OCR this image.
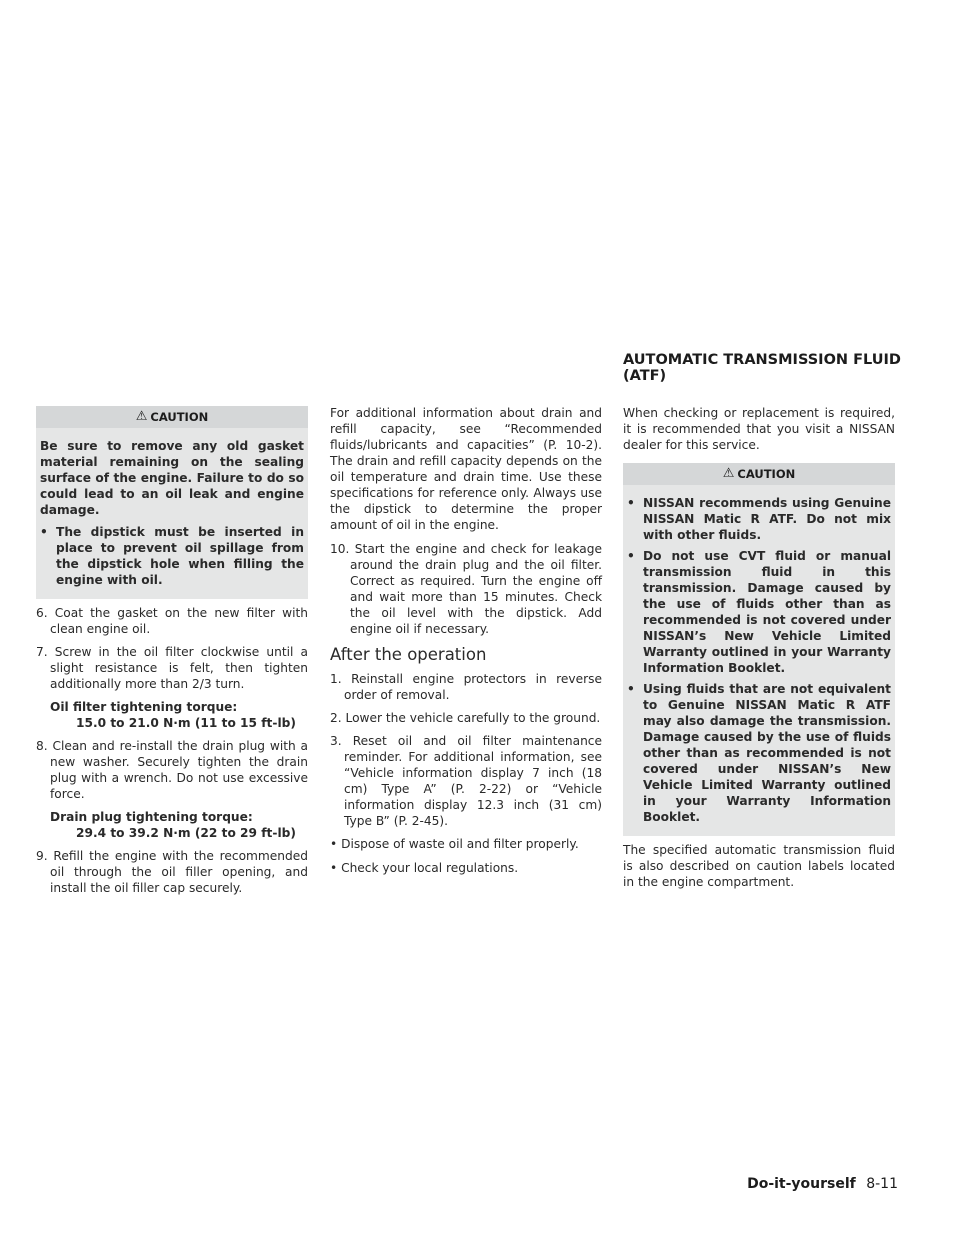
AUTOMATIC TRANSMISSION FLUID (ATF)
⚠ CAUTION

Be sure to remove any old gasket material remaining on the sealing surface of the engine. Failure to do so could lead to an oil leak and engine damage.

• The dipstick must be inserted in place to prevent oil spillage from the dipstick hole when filling the engine with oil.
6. Coat the gasket on the new filter with clean engine oil.
7. Screw in the oil filter clockwise until a slight resistance is felt, then tighten additionally more than 2/3 turn.
Oil filter tightening torque:
15.0 to 21.0 N·m (11 to 15 ft-lb)
8. Clean and re-install the drain plug with a new washer. Securely tighten the drain plug with a wrench. Do not use excessive force.
Drain plug tightening torque:
29.4 to 39.2 N·m (22 to 29 ft-lb)
9. Refill the engine with the recommended oil through the oil filler opening, and install the oil filler cap securely.
For additional information about drain and refill capacity, see “Recommended fluids/lubricants and capacities” (P. 10-2). The drain and refill capacity depends on the oil temperature and drain time. Use these specifications for reference only. Always use the dipstick to determine the proper amount of oil in the engine.
10. Start the engine and check for leakage around the drain plug and the oil filter. Correct as required. Turn the engine off and wait more than 15 minutes. Check the oil level with the dipstick. Add engine oil if necessary.
After the operation
1. Reinstall engine protectors in reverse order of removal.
2. Lower the vehicle carefully to the ground.
3. Reset oil and oil filter maintenance reminder. For additional information, see “Vehicle information display 7 inch (18 cm) Type A” (P. 2-22) or “Vehicle information display 12.3 inch (31 cm) Type B” (P. 2-45).
• Dispose of waste oil and filter properly.
• Check your local regulations.
When checking or replacement is required, it is recommended that you visit a NISSAN dealer for this service.
⚠ CAUTION
• NISSAN recommends using Genuine NISSAN Matic R ATF. Do not mix with other fluids.
• Do not use CVT fluid or manual transmission fluid in this transmission. Damage caused by the use of fluids other than as recommended is not covered under NISSAN’s New Vehicle Limited Warranty outlined in your Warranty Information Booklet.
• Using fluids that are not equivalent to Genuine NISSAN Matic R ATF may also damage the transmission. Damage caused by the use of fluids other than as recommended is not covered under NISSAN’s New Vehicle Limited Warranty outlined in your Warranty Information Booklet.
The specified automatic transmission fluid is also described on caution labels located in the engine compartment.
Do-it-yourself 8-11
